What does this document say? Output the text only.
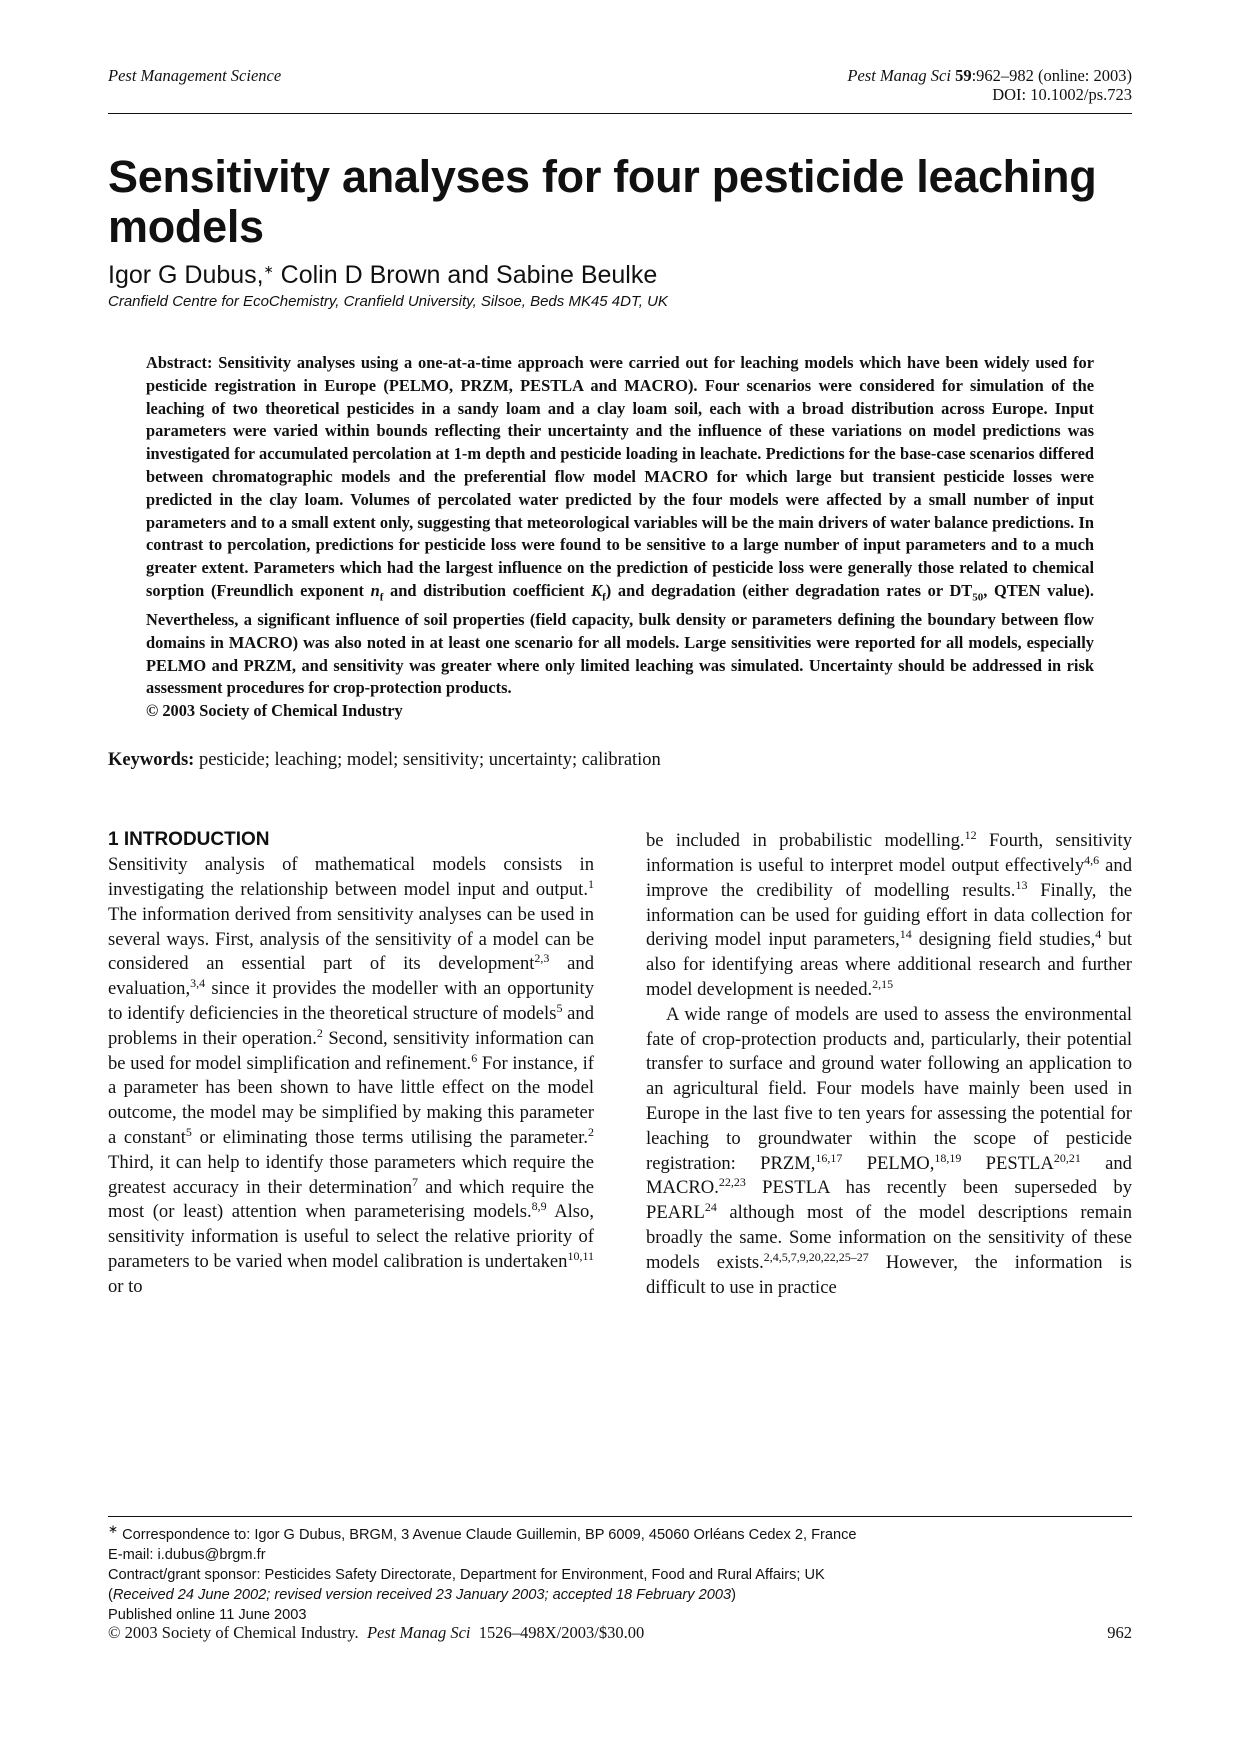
Pest Management Science	Pest Manag Sci 59:962–982 (online: 2003)
DOI: 10.1002/ps.723
Sensitivity analyses for four pesticide leaching models
Igor G Dubus,∗ Colin D Brown and Sabine Beulke
Cranfield Centre for EcoChemistry, Cranfield University, Silsoe, Beds MK45 4DT, UK
Abstract: Sensitivity analyses using a one-at-a-time approach were carried out for leaching models which have been widely used for pesticide registration in Europe (PELMO, PRZM, PESTLA and MACRO). Four scenarios were considered for simulation of the leaching of two theoretical pesticides in a sandy loam and a clay loam soil, each with a broad distribution across Europe. Input parameters were varied within bounds reflecting their uncertainty and the influence of these variations on model predictions was investigated for accumulated percolation at 1-m depth and pesticide loading in leachate. Predictions for the base-case scenarios differed between chromatographic models and the preferential flow model MACRO for which large but transient pesticide losses were predicted in the clay loam. Volumes of percolated water predicted by the four models were affected by a small number of input parameters and to a small extent only, suggesting that meteorological variables will be the main drivers of water balance predictions. In contrast to percolation, predictions for pesticide loss were found to be sensitive to a large number of input parameters and to a much greater extent. Parameters which had the largest influence on the prediction of pesticide loss were generally those related to chemical sorption (Freundlich exponent $n_f$ and distribution coefficient $K_f$) and degradation (either degradation rates or $DT_{50}$, QTEN value). Nevertheless, a significant influence of soil properties (field capacity, bulk density or parameters defining the boundary between flow domains in MACRO) was also noted in at least one scenario for all models. Large sensitivities were reported for all models, especially PELMO and PRZM, and sensitivity was greater where only limited leaching was simulated. Uncertainty should be addressed in risk assessment procedures for crop-protection products.
© 2003 Society of Chemical Industry
Keywords: pesticide; leaching; model; sensitivity; uncertainty; calibration
1 INTRODUCTION

Sensitivity analysis of mathematical models consists in investigating the relationship between model input and output.$^1$ The information derived from sensitivity analyses can be used in several ways. First, analysis of the sensitivity of a model can be considered an essential part of its development$^{2,3}$ and evaluation,$^{3,4}$ since it provides the modeller with an opportunity to identify deficiencies in the theoretical structure of models$^5$ and problems in their operation.$^2$ Second, sensitivity information can be used for model simplification and refinement.$^6$ For instance, if a parameter has been shown to have little effect on the model outcome, the model may be simplified by making this parameter a constant$^5$ or eliminating those terms utilising the parameter.$^2$ Third, it can help to identify those parameters which require the greatest accuracy in their determination$^7$ and which require the most (or least) attention when parameterising models.$^{8,9}$ Also, sensitivity information is useful to select the relative priority of parameters to be varied when model calibration is undertaken$^{10,11}$ or to

be included in probabilistic modelling.$^{12}$ Fourth, sensitivity information is useful to interpret model output effectively$^{4,6}$ and improve the credibility of modelling results.$^{13}$ Finally, the information can be used for guiding effort in data collection for deriving model input parameters,$^{14}$ designing field studies,$^4$ but also for identifying areas where additional research and further model development is needed.$^{2,15}$

A wide range of models are used to assess the environmental fate of crop-protection products and, particularly, their potential transfer to surface and ground water following an application to an agricultural field. Four models have mainly been used in Europe in the last five to ten years for assessing the potential for leaching to groundwater within the scope of pesticide registration: PRZM,$^{16,17}$ PELMO,$^{18,19}$ PESTLA$^{20,21}$ and MACRO.$^{22,23}$ PESTLA has recently been superseded by PEARL$^{24}$ although most of the model descriptions remain broadly the same. Some information on the sensitivity of these models exists.$^{2,4,5,7,9,20,22,25-27}$ However, the information is difficult to use in practice

∗ Correspondence to: Igor G Dubus, BRGM, 3 Avenue Claude Guillemin, BP 6009, 45060 Orléans Cedex 2, France
E-mail: i.dubus@brgm.fr
Contract/grant sponsor: Pesticides Safety Directorate, Department for Environment, Food and Rural Affairs; UK
(Received 24 June 2002; revised version received 23 January 2003; accepted 18 February 2003)
Published online 11 June 2003
© 2003 Society of Chemical Industry. Pest Manag Sci 1526–498X/2003/$30.00	962
